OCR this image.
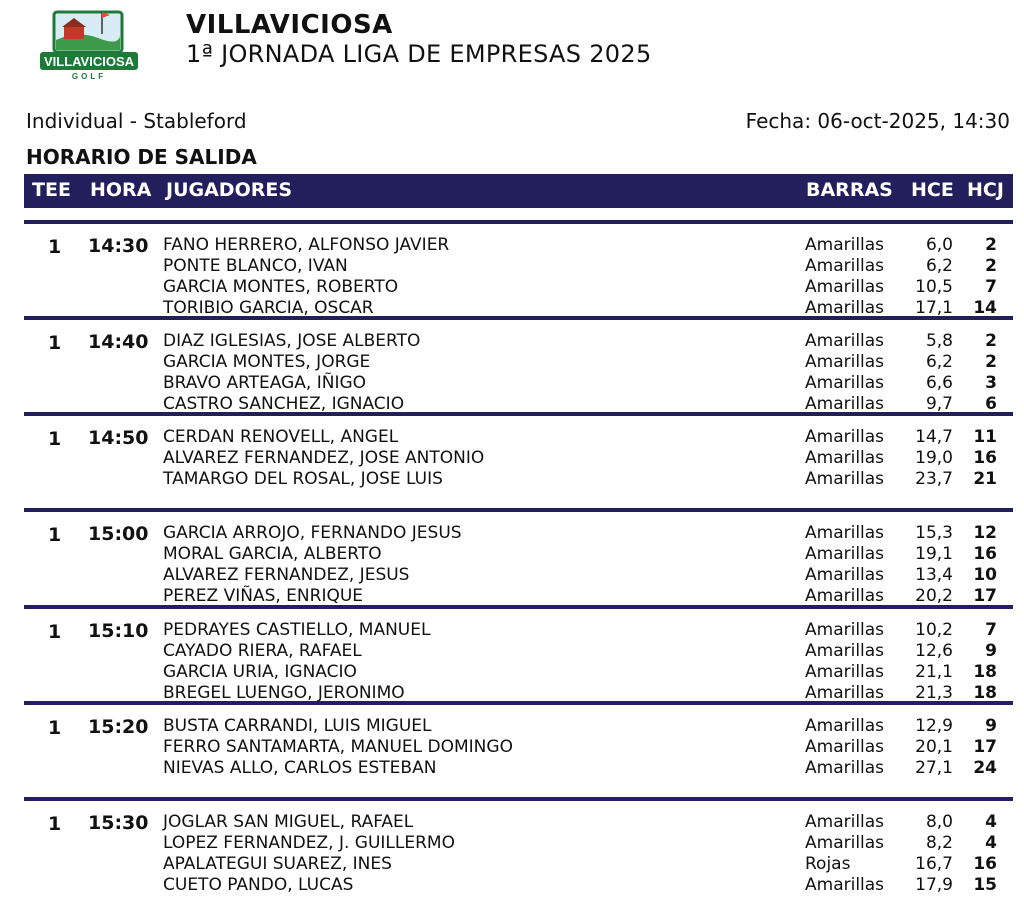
VILLAVICIOSA
GOLF
VILLAVICIOSA
1ª JORNADA LIGA DE EMPRESAS 2025
Individual - Stableford	Fecha: 06-oct-2025, 14:30
HORARIO DE SALIDA
TEE HORA JUGADORES	BARRAS HCE HCJ
1 14:30 FANO HERRERO, ALFONSO JAVIER	Amarillas 6,0 2
PONTE BLANCO, IVAN	Amarillas 6,2 2
GARCIA MONTES, ROBERTO	Amarillas 10,5 7
TORIBIO GARCIA, OSCAR	Amarillas 17,1 14
1 14:40 DIAZ IGLESIAS, JOSE ALBERTO	Amarillas 5,8 2
GARCIA MONTES, JORGE	Amarillas 6,2 2
BRAVO ARTEAGA, IÑIGO	Amarillas 6,6 3
CASTRO SANCHEZ, IGNACIO	Amarillas 9,7 6
1 14:50 CERDAN RENOVELL, ANGEL	Amarillas 14,7 11
ALVAREZ FERNANDEZ, JOSE ANTONIO	Amarillas 19,0 16
TAMARGO DEL ROSAL, JOSE LUIS	Amarillas 23,7 21
1 15:00 GARCIA ARROJO, FERNANDO JESUS	Amarillas 15,3 12
MORAL GARCIA, ALBERTO	Amarillas 19,1 16
ALVAREZ FERNANDEZ, JESUS	Amarillas 13,4 10
PEREZ VIÑAS, ENRIQUE	Amarillas 20,2 17
1 15:10 PEDRAYES CASTIELLO, MANUEL	Amarillas 10,2 7
CAYADO RIERA, RAFAEL	Amarillas 12,6 9
GARCIA URIA, IGNACIO	Amarillas 21,1 18
BREGEL LUENGO, JERONIMO	Amarillas 21,3 18
1 15:20 BUSTA CARRANDI, LUIS MIGUEL	Amarillas 12,9 9
FERRO SANTAMARTA, MANUEL DOMINGO	Amarillas 20,1 17
NIEVAS ALLO, CARLOS ESTEBAN	Amarillas 27,1 24
1 15:30 JOGLAR SAN MIGUEL, RAFAEL	Amarillas 8,0 4
LOPEZ FERNANDEZ, J. GUILLERMO	Amarillas 8,2 4
APALATEGUI SUAREZ, INES	Rojas	16,7 16
CUETO PANDO, LUCAS	Amarillas 17,9 15
